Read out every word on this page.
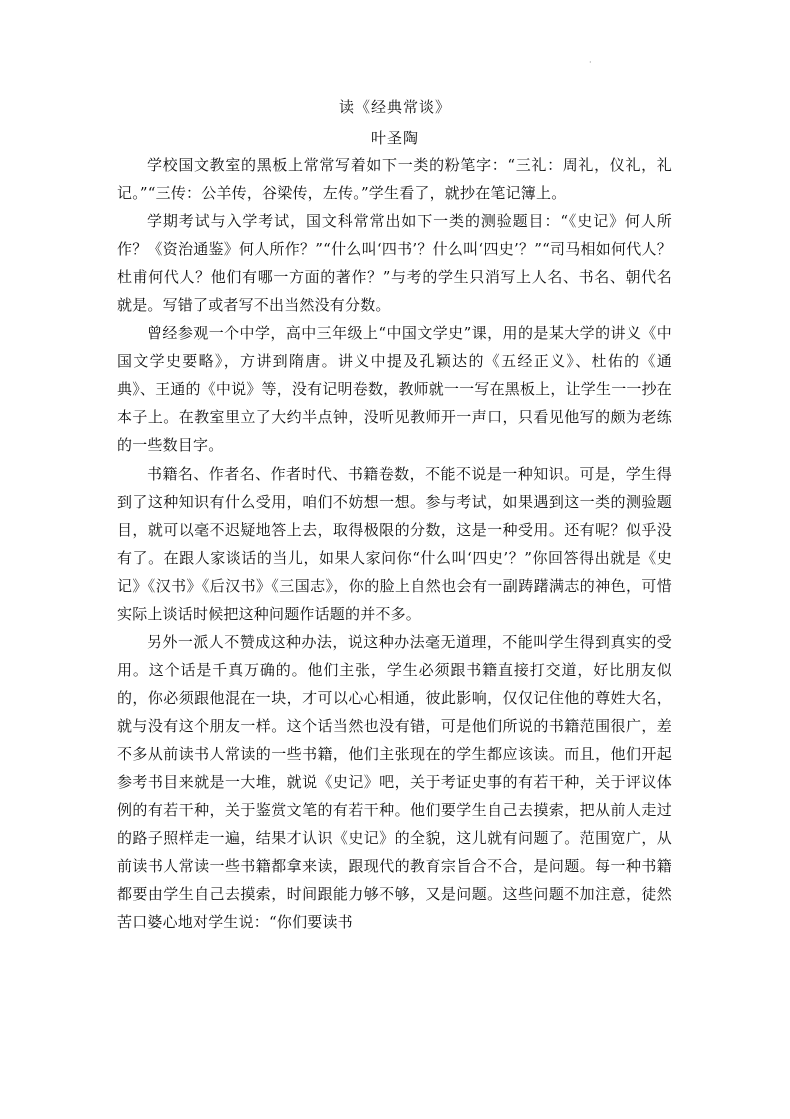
·
读《经典常谈》
叶圣陶

学校国文教室的黑板上常常写着如下一类的粉笔字：“三礼：周礼，仪礼，礼记。”“三传：公羊传，谷梁传，左传。”学生看了，就抄在笔记簿上。

学期考试与入学考试，国文科常常出如下一类的测验题目：“《史记》何人所作？《资治通鉴》何人所作？”“什么叫‘四书’？什么叫‘四史’？”“司马相如何代人？杜甫何代人？他们有哪一方面的著作？”与考的学生只消写上人名、书名、朝代名就是。写错了或者写不出当然没有分数。

曾经参观一个中学，高中三年级上“中国文学史”课，用的是某大学的讲义《中国文学史要略》，方讲到隋唐。讲义中提及孔颖达的《五经正义》、杜佑的《通典》、王通的《中说》等，没有记明卷数，教师就一一写在黑板上，让学生一一抄在本子上。在教室里立了大约半点钟，没听见教师开一声口，只看见他写的颇为老练的一些数目字。

书籍名、作者名、作者时代、书籍卷数，不能不说是一种知识。可是，学生得到了这种知识有什么受用，咱们不妨想一想。参与考试，如果遇到这一类的测验题目，就可以毫不迟疑地答上去，取得极限的分数，这是一种受用。还有呢？似乎没有了。在跟人家谈话的当儿，如果人家问你“什么叫‘四史’？”你回答得出就是《史记》《汉书》《后汉书》《三国志》，你的脸上自然也会有一副踌躇满志的神色，可惜实际上谈话时候把这种问题作话题的并不多。

另外一派人不赞成这种办法，说这种办法毫无道理，不能叫学生得到真实的受用。这个话是千真万确的。他们主张，学生必须跟书籍直接打交道，好比朋友似的，你必须跟他混在一块，才可以心心相通，彼此影响，仅仅记住他的尊姓大名，就与没有这个朋友一样。这个话当然也没有错，可是他们所说的书籍范围很广，差不多从前读书人常读的一些书籍，他们主张现在的学生都应该读。而且，他们开起参考书目来就是一大堆，就说《史记》吧，关于考证史事的有若干种，关于评议体例的有若干种，关于鉴赏文笔的有若干种。他们要学生自己去摸索，把从前人走过的路子照样走一遍，结果才认识《史记》的全貌，这儿就有问题了。范围宽广，从前读书人常读一些书籍都拿来读，跟现代的教育宗旨合不合，是问题。每一种书籍都要由学生自己去摸索，时间跟能力够不够，又是问题。这些问题不加注意，徒然苦口婆心地对学生说：“你们要读书
